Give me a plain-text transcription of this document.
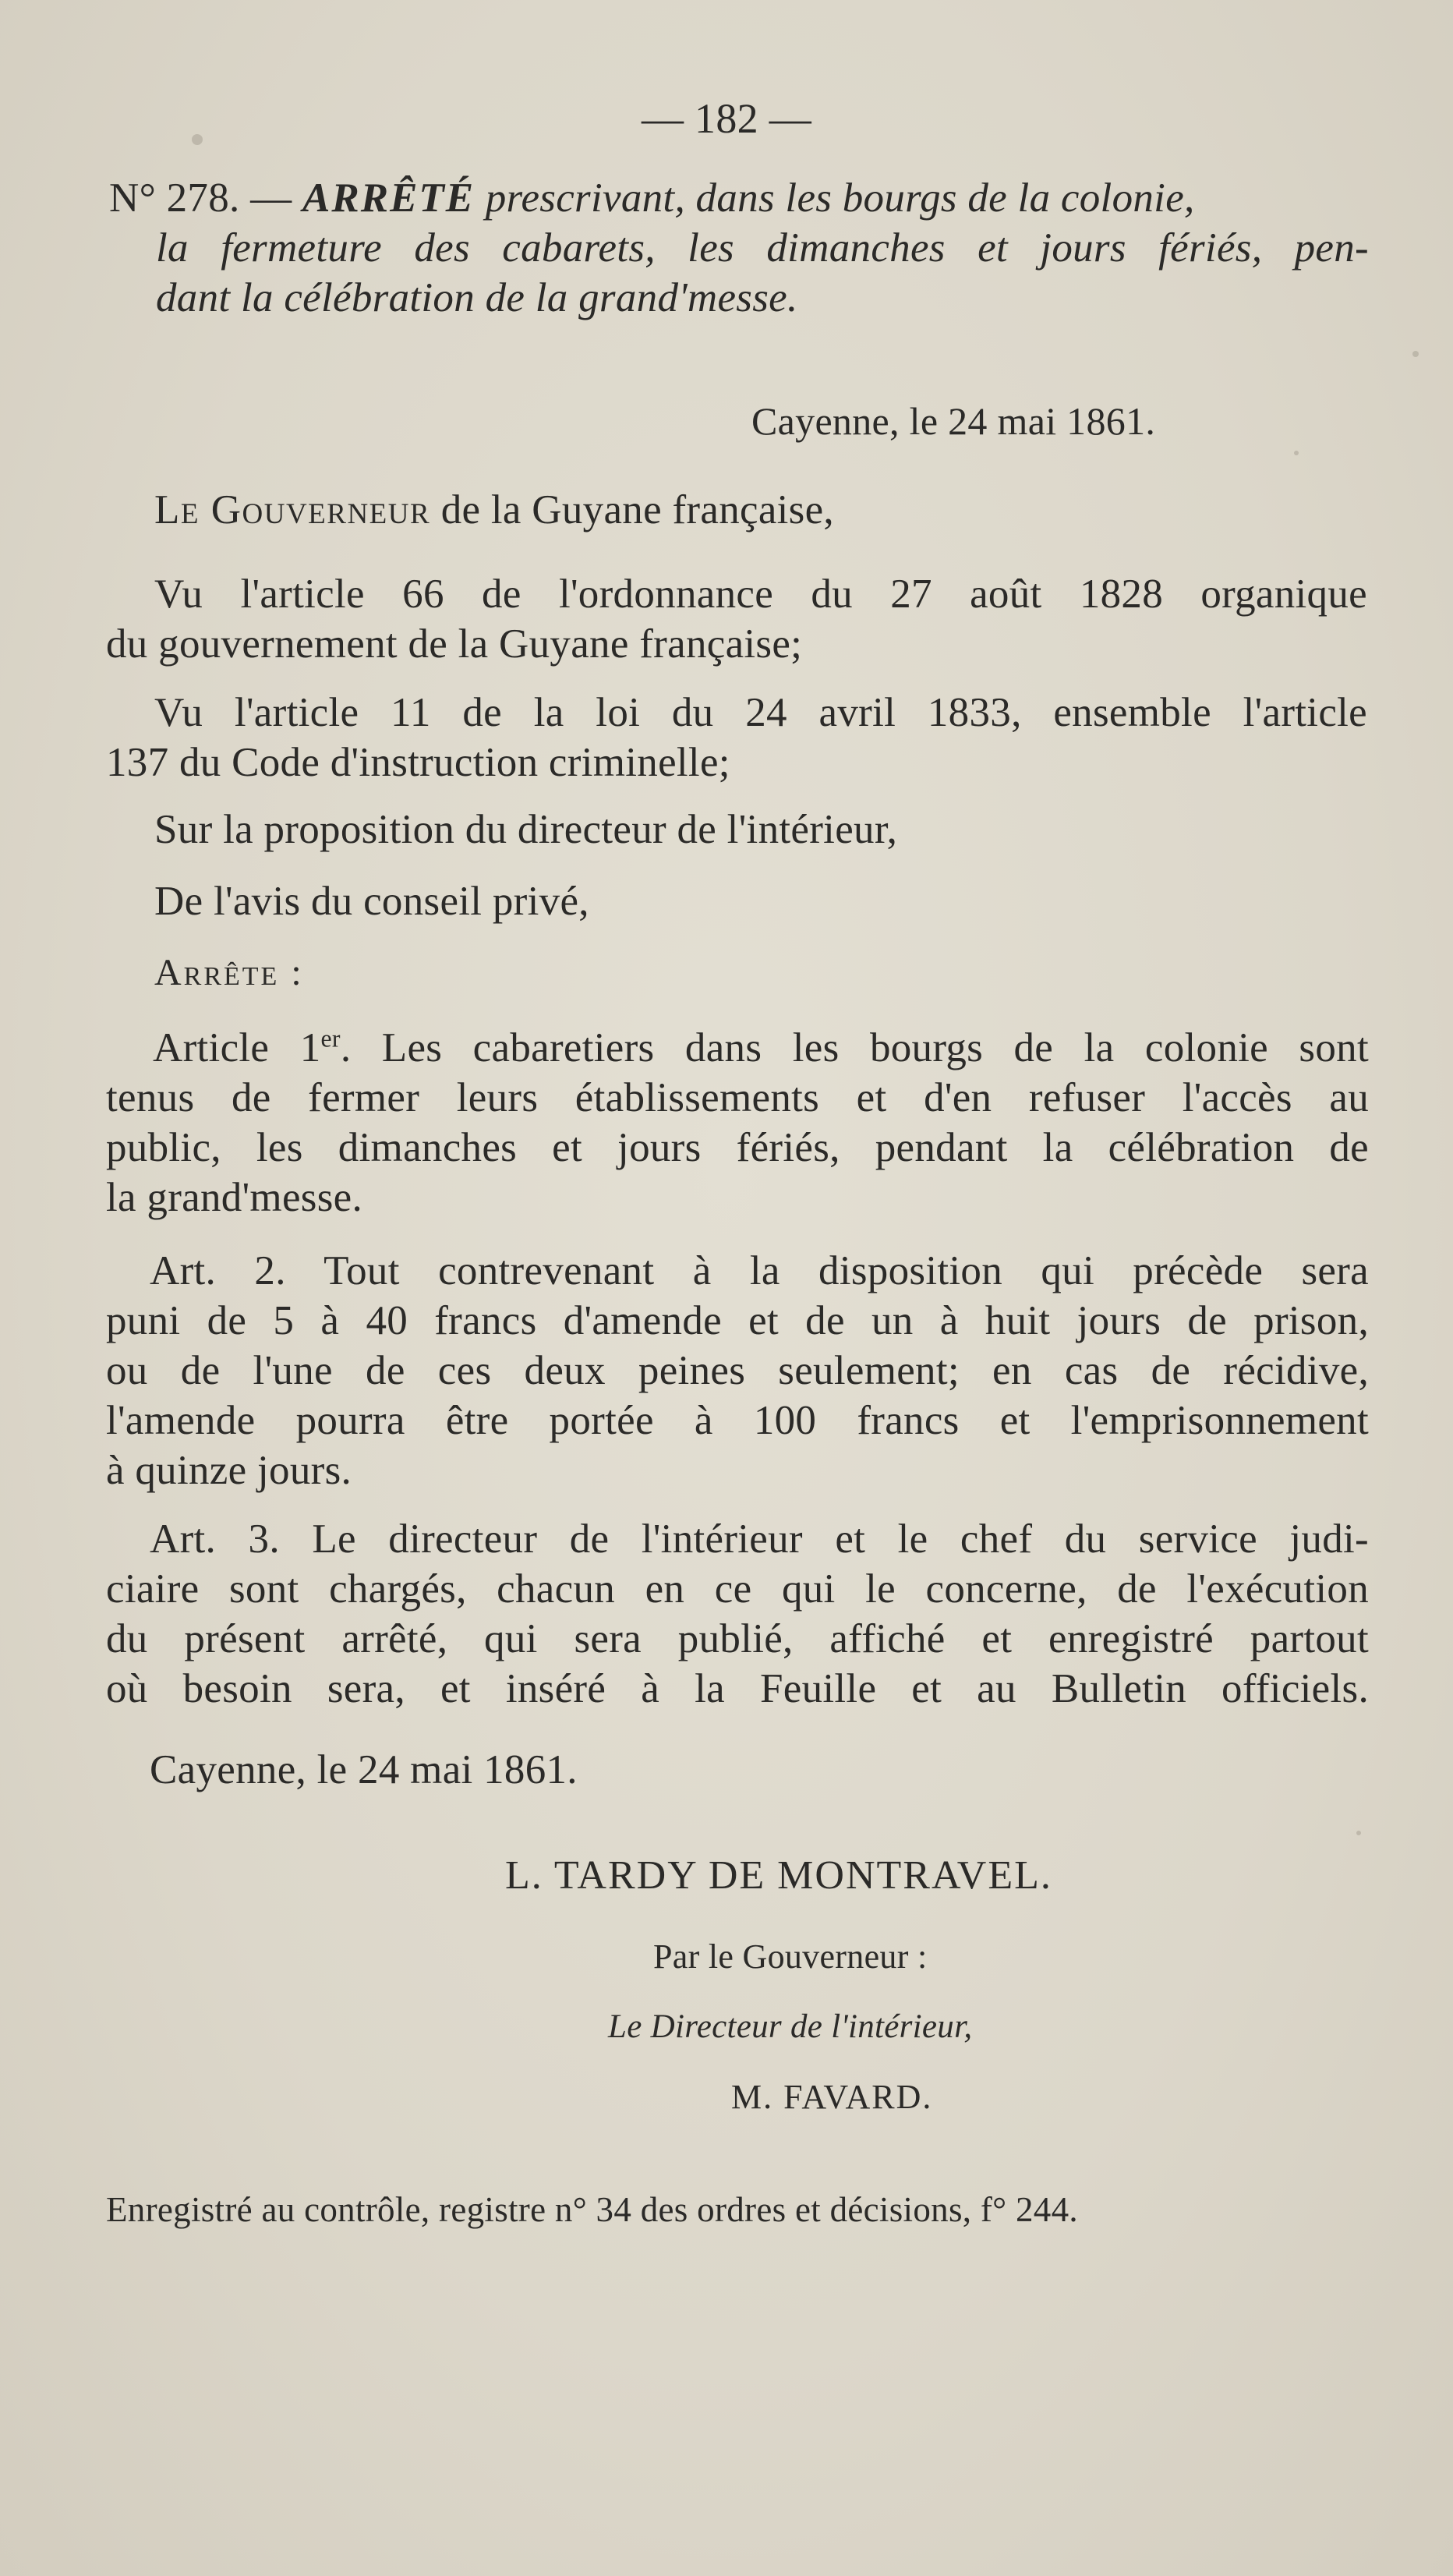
— 182 —
N° 278. — ARRÊTÉ prescrivant, dans les bourgs de la colonie,
la fermeture des cabarets, les dimanches et jours fériés, pen-
dant la célébration de la grand'messe.
Cayenne, le 24 mai 1861.
Le Gouverneur de la Guyane française,
Vu l'article 66 de l'ordonnance du 27 août 1828 organique
du gouvernement de la Guyane française;
Vu l'article 11 de la loi du 24 avril 1833, ensemble l'article
137 du Code d'instruction criminelle;
Sur la proposition du directeur de l'intérieur,
De l'avis du conseil privé,
Arrête :
Article 1er. Les cabaretiers dans les bourgs de la colonie sont
tenus de fermer leurs établissements et d'en refuser l'accès au
public, les dimanches et jours fériés, pendant la célébration de
la grand'messe.
Art. 2. Tout contrevenant à la disposition qui précède sera
puni de 5 à 40 francs d'amende et de un à huit jours de prison,
ou de l'une de ces deux peines seulement; en cas de récidive,
l'amende pourra être portée à 100 francs et l'emprisonnement
à quinze jours.
Art. 3. Le directeur de l'intérieur et le chef du service judi-
ciaire sont chargés, chacun en ce qui le concerne, de l'exécution
du présent arrêté, qui sera publié, affiché et enregistré partout
où besoin sera, et inséré à la Feuille et au Bulletin officiels.
Cayenne, le 24 mai 1861.
L. TARDY DE MONTRAVEL.
Par le Gouverneur :
Le Directeur de l'intérieur,
M. FAVARD.
Enregistré au contrôle, registre n° 34 des ordres et décisions, f° 244.
